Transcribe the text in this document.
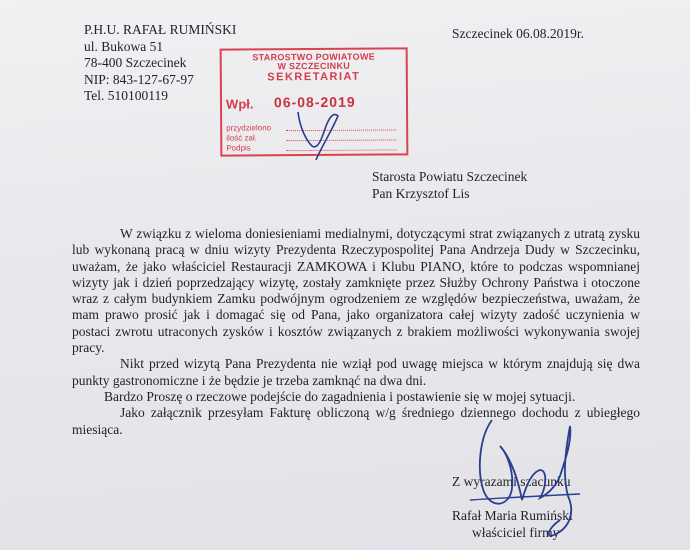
P.H.U. RAFAŁ RUMIŃSKI
ul. Bukowa 51
78-400 Szczecinek
NIP: 843-127-67-97
Tel. 510100119
Szczecinek 06.08.2019r.
STAROSTWO POWIATOWE
W SZCZECINKU
SEKRETARIAT
Wpł. 06-08-2019
przydzielono
ilość zał.
Podpis
Starosta Powiatu Szczecinek
Pan Krzysztof Lis

W związku z wieloma doniesieniami medialnymi, dotyczącymi strat związanych z utratą zysku lub wykonaną pracą w dniu wizyty Prezydenta Rzeczypospolitej Pana Andrzeja Dudy w Szczecinku, uważam, że jako właściciel Restauracji ZAMKOWA i Klubu PIANO, które to podczas wspomnianej wizyty jak i dzień poprzedzający wizytę, zostały zamknięte przez Służby Ochrony Państwa i otoczone wraz z całym budynkiem Zamku podwójnym ogrodzeniem ze względów bezpieczeństwa, uważam, że mam prawo prosić jak i domagać się od Pana, jako organizatora całej wizyty zadość uczynienia w postaci zwrotu utraconych zysków i kosztów związanych z brakiem możliwości wykonywania swojej pracy.

Nikt przed wizytą Pana Prezydenta nie wziął pod uwagę miejsca w którym znajdują się dwa punkty gastronomiczne i że będzie je trzeba zamknąć na dwa dni.

Bardzo Proszę o rzeczowe podejście do zagadnienia i postawienie się w mojej sytuacji.

Jako załącznik przesyłam Fakturę obliczoną w/g średniego dziennego dochodu z ubiegłego miesiąca.

Z wyrazami szacunku
Rafał Maria Rumiński
właściciel firmy
